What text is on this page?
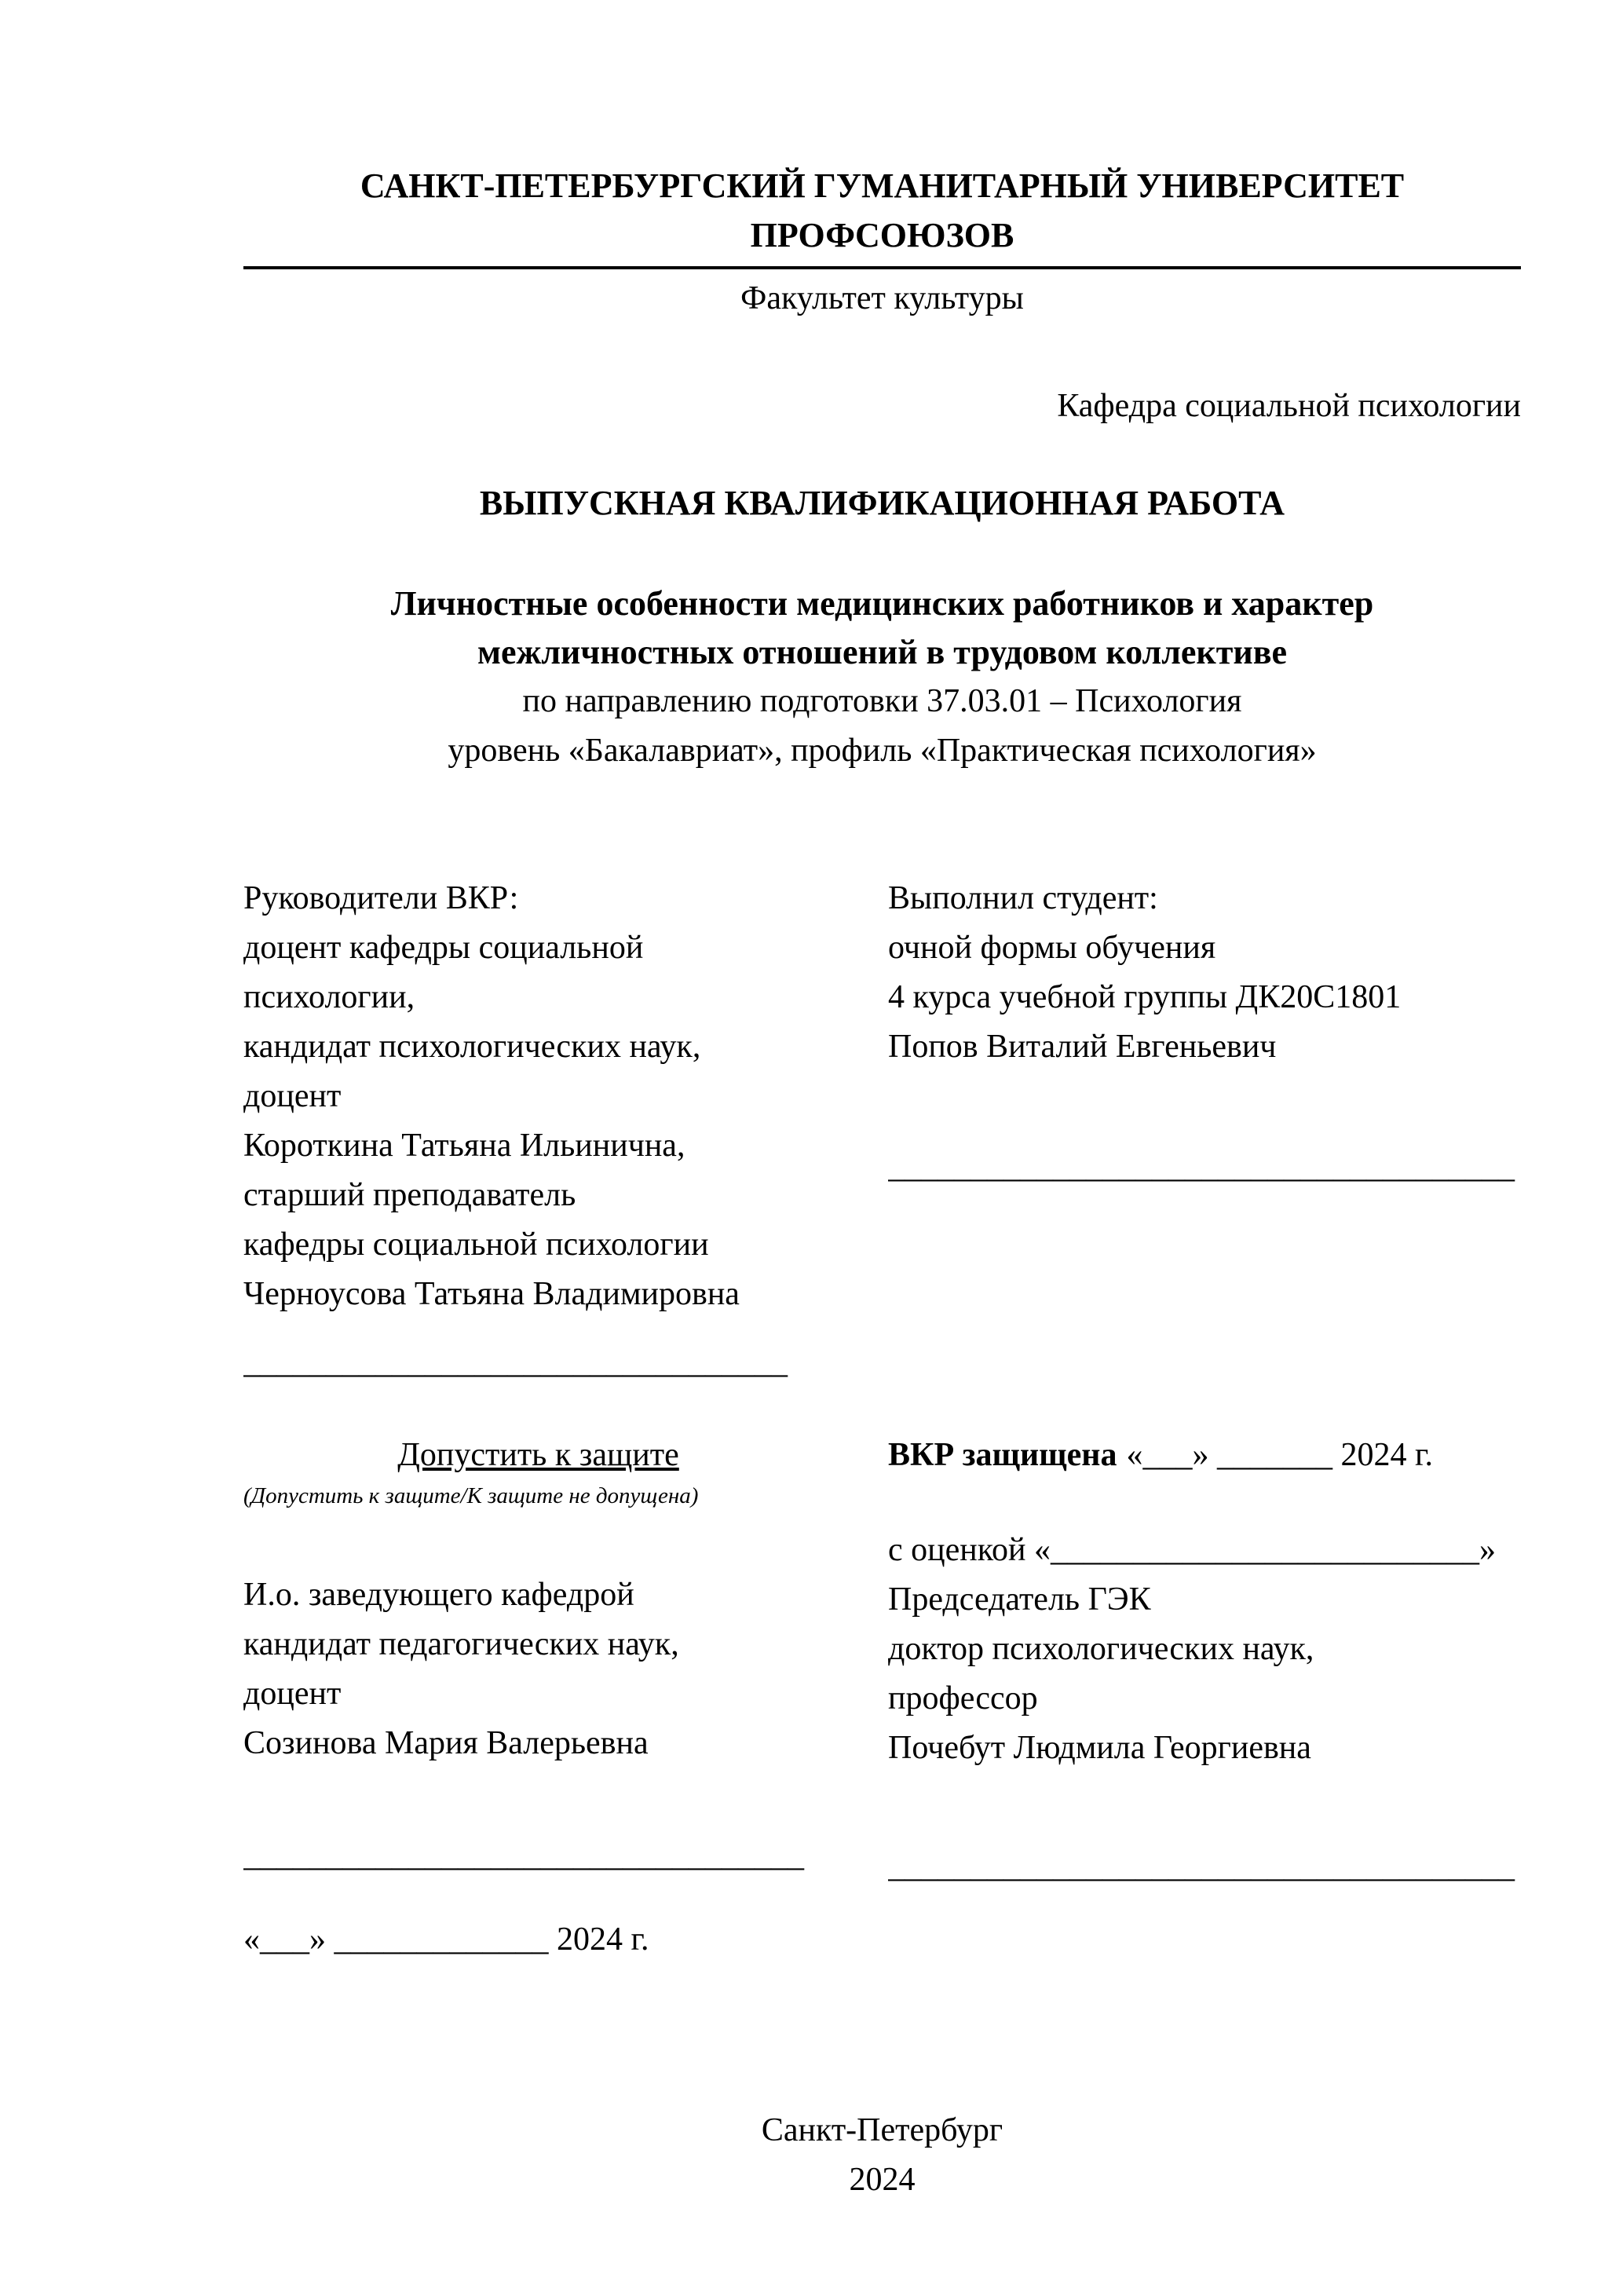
САНКТ-ПЕТЕРБУРГСКИЙ ГУМАНИТАРНЫЙ УНИВЕРСИТЕТ ПРОФСОЮЗОВ
Факультет культуры
Кафедра социальной психологии
ВЫПУСКНАЯ КВАЛИФИКАЦИОННАЯ РАБОТА
Личностные особенности медицинских работников и характер
межличностных отношений в трудовом коллективе
по направлению подготовки 37.03.01 – Психология
уровень «Бакалавриат», профиль «Практическая психология»
Руководители ВКР:
доцент кафедры социальной
психологии,
кандидат психологических наук,
доцент
Короткина Татьяна Ильинична,
старший преподаватель
кафедры социальной психологии
Черноусова Татьяна Владимировна
_________________________________
Выполнил студент:
очной формы обучения
4 курса учебной группы ДК20С1801
Попов Виталий Евгеньевич
______________________________________
Допустить к защите
(Допустить к защите/К защите не допущена)
И.о. заведующего кафедрой
кандидат педагогических наук,
доцент
Созинова Мария Валерьевна
__________________________________
«___» _____________ 2024 г.
ВКР защищена «___» _______ 2024 г.
с оценкой «__________________________»
Председатель ГЭК
доктор психологических наук,
профессор
Почебут Людмила Георгиевна
______________________________________
Санкт-Петербург
2024
